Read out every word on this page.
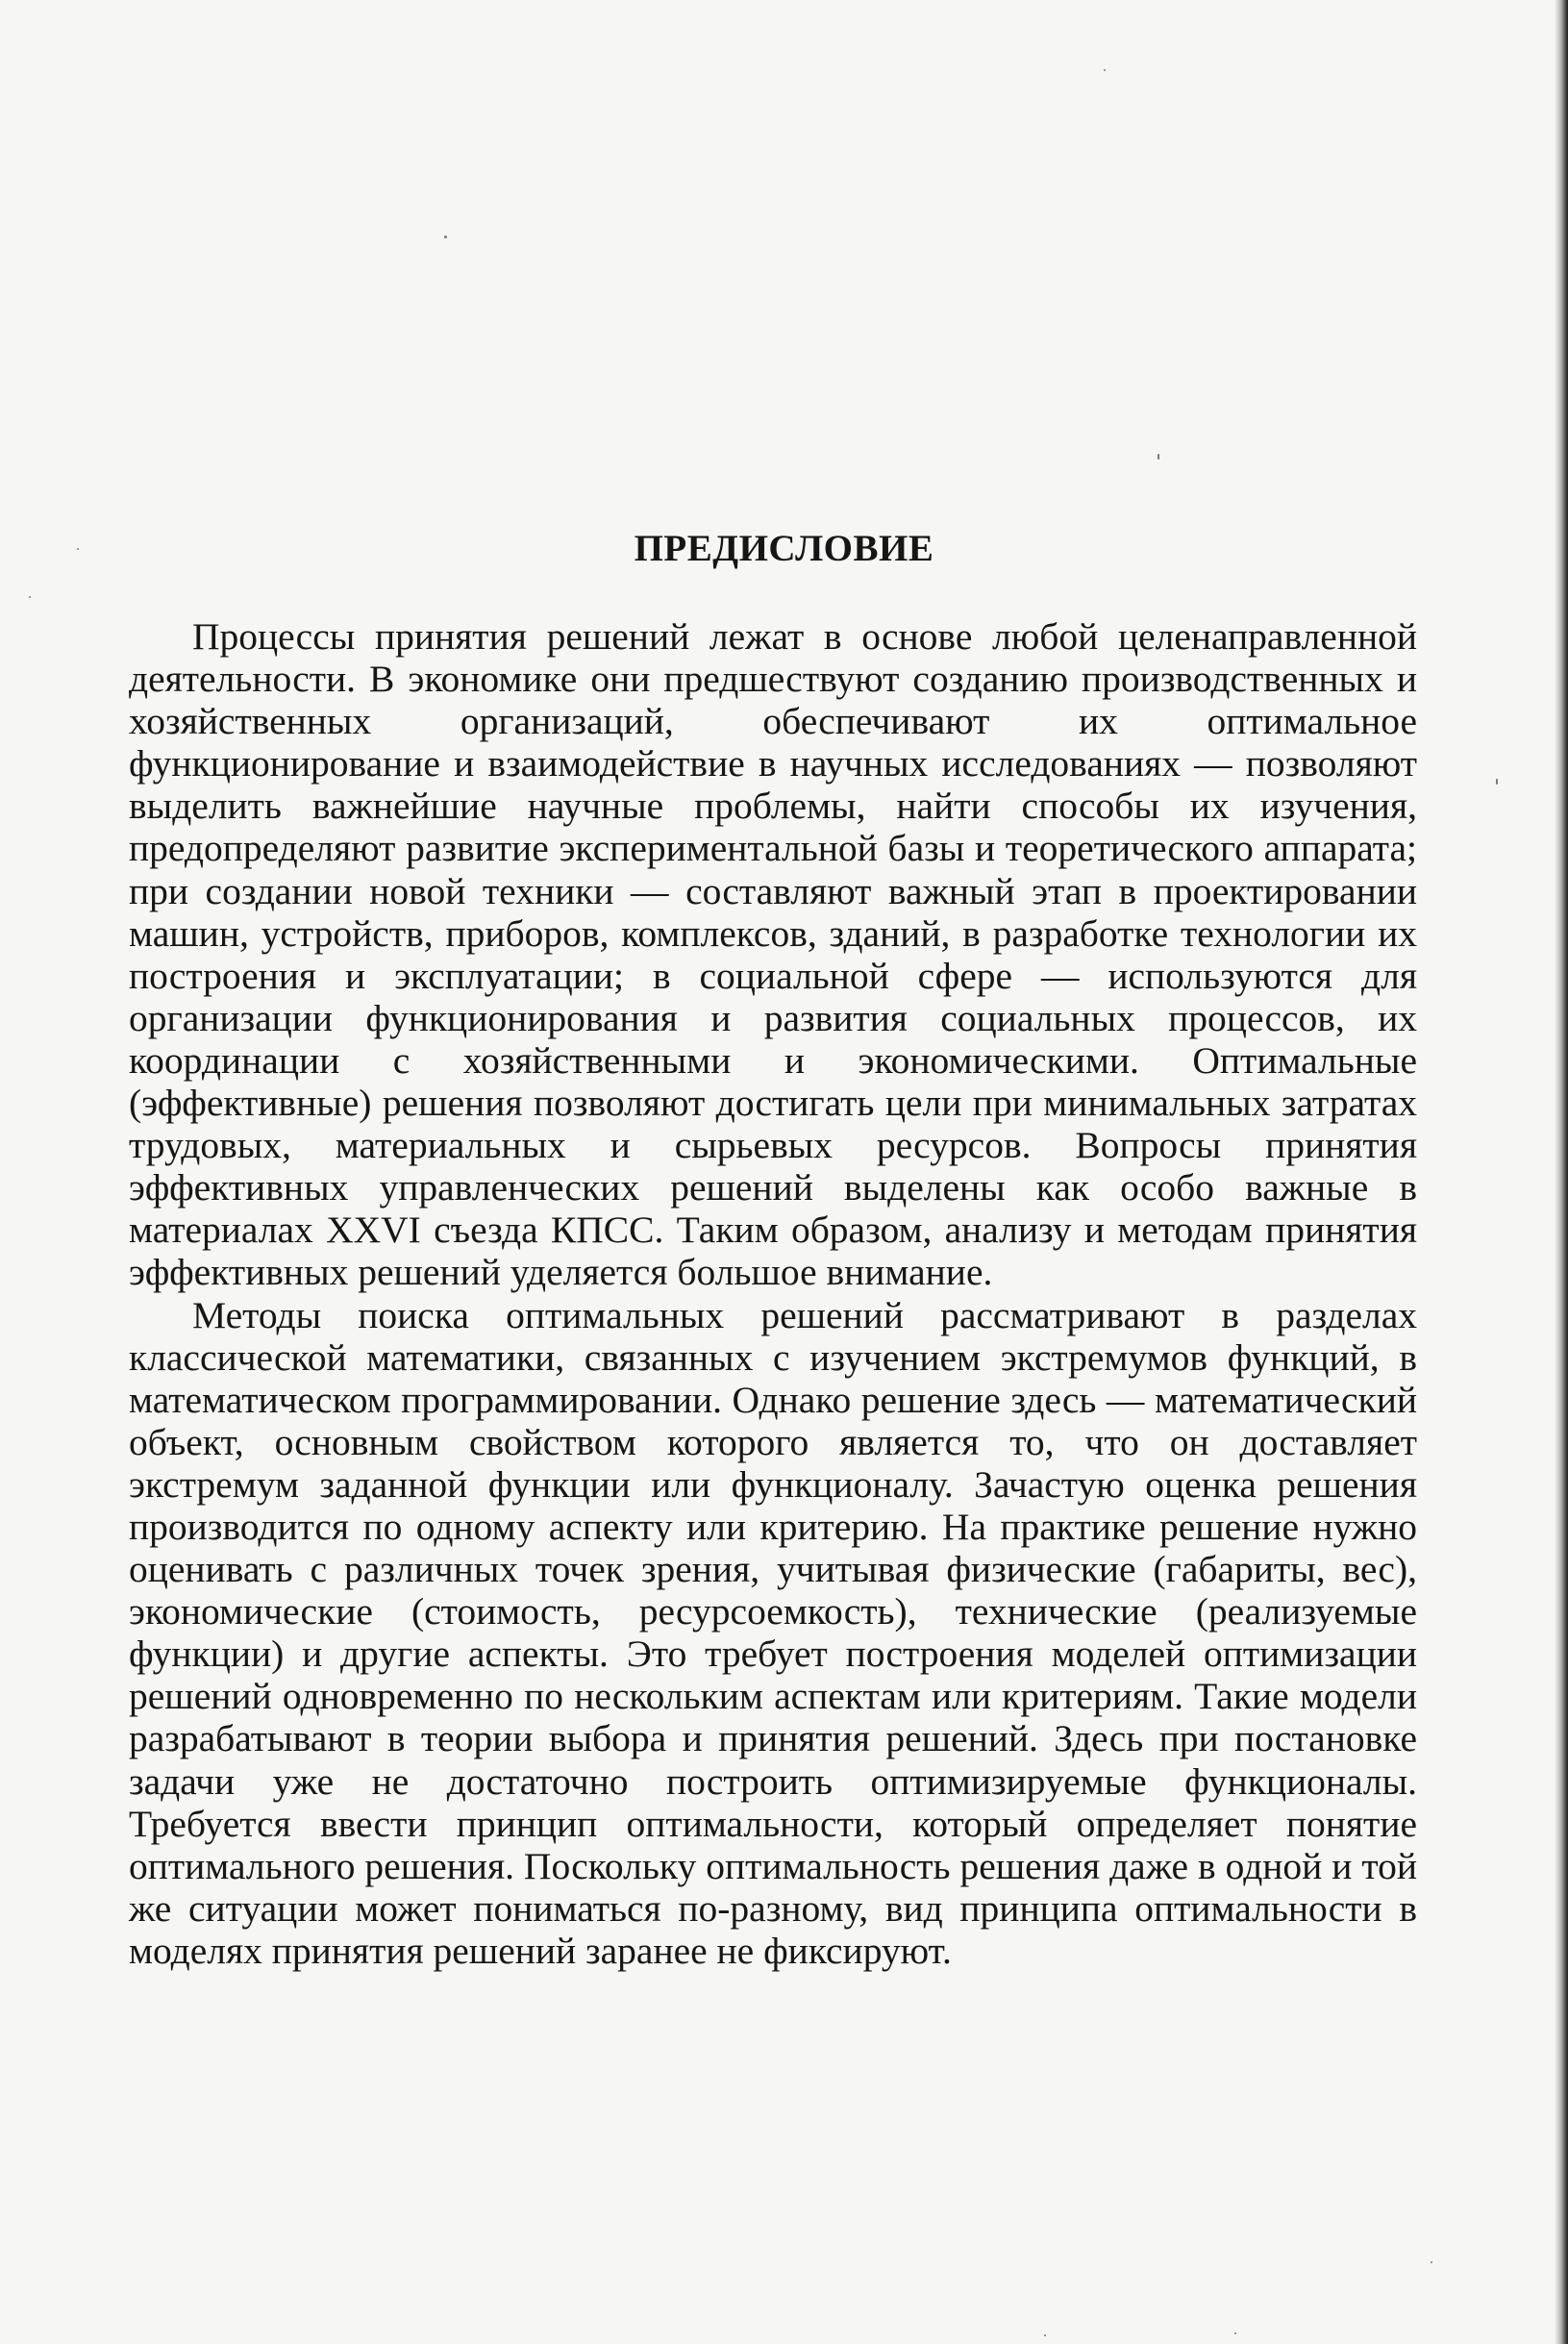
ПРЕДИСЛОВИЕ

Процессы принятия решений лежат в основе любой целенаправленной деятельности. В экономике они предшествуют созданию производственных и хозяйственных организаций, обеспечивают их оптимальное функционирование и взаимодействие в научных исследованиях — позволяют выделить важнейшие научные проблемы, найти способы их изучения, предопределяют развитие экспериментальной базы и теоретического аппарата; при создании новой техники — составляют важный этап в проектировании машин, устройств, приборов, комплексов, зданий, в разработке технологии их построения и эксплуатации; в социальной сфере — используются для организации функционирования и развития социальных процессов, их координации с хозяйственными и экономическими. Оптимальные (эффективные) решения позволяют достигать цели при минимальных затратах трудовых, материальных и сырьевых ресурсов. Вопросы принятия эффективных управленческих решений выделены как особо важные в материалах XXVI съезда КПСС. Таким образом, анализу и методам принятия эффективных решений уделяется большое внимание.

Методы поиска оптимальных решений рассматривают в разделах классической математики, связанных с изучением экстремумов функций, в математическом программировании. Однако решение здесь — математический объект, основным свойством которого является то, что он доставляет экстремум заданной функции или функционалу. Зачастую оценка решения производится по одному аспекту или критерию. На практике решение нужно оценивать с различных точек зрения, учитывая физические (габариты, вес), экономические (стоимость, ресурсоемкость), технические (реализуемые функции) и другие аспекты. Это требует построения моделей оптимизации решений одновременно по нескольким аспектам или критериям. Такие модели разрабатывают в теории выбора и принятия решений. Здесь при постановке задачи уже не достаточно построить оптимизируемые функционалы. Требуется ввести принцип оптимальности, который определяет понятие оптимального решения. Поскольку оптимальность решения даже в одной и той же ситуации может пониматься по-разному, вид принципа оптимальности в моделях принятия решений заранее не фиксируют.
